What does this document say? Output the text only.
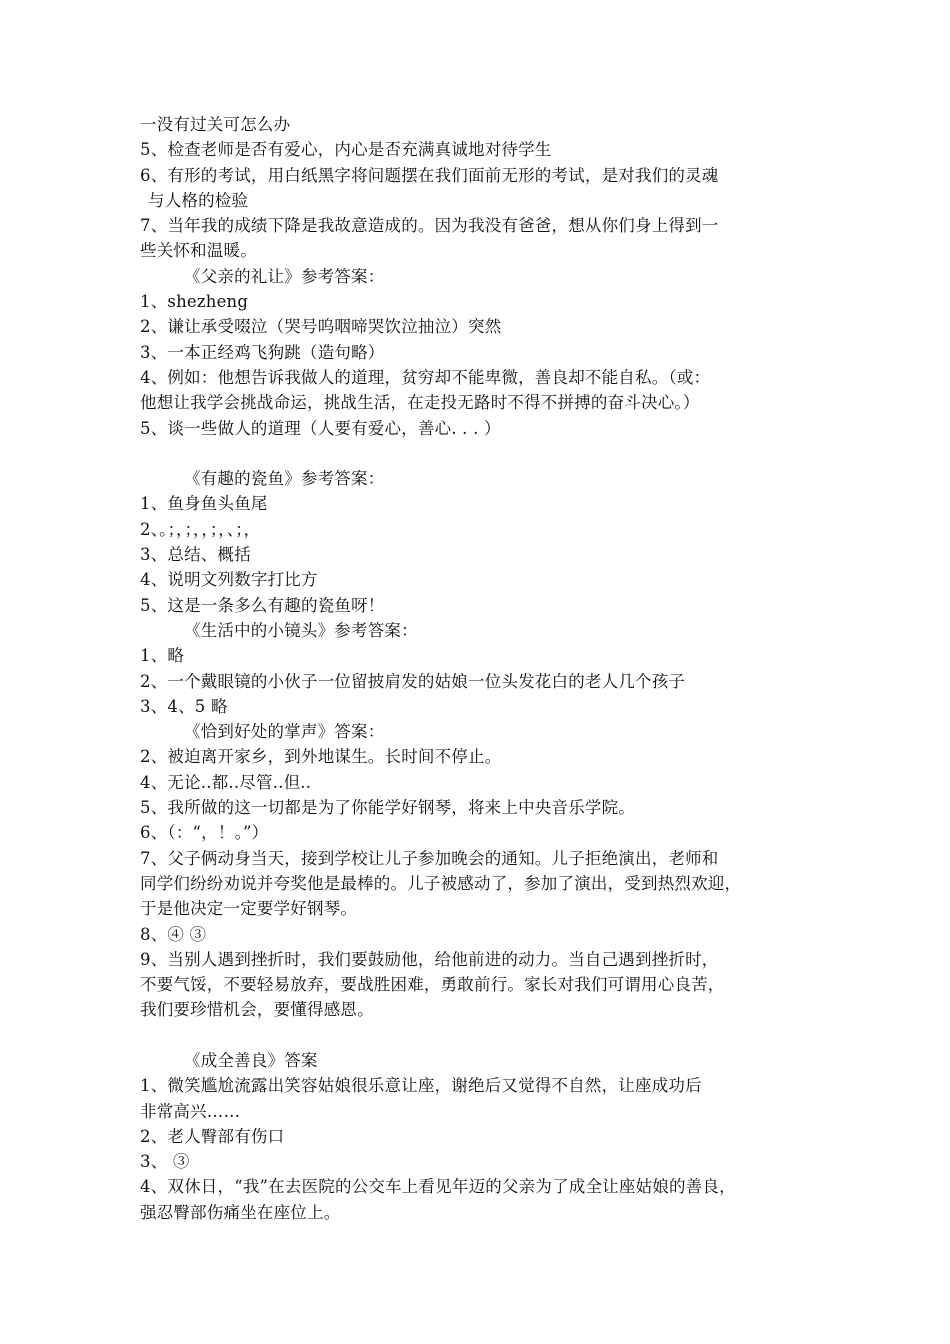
一没有过关可怎么办
5、检查老师是否有爱心，内心是否充满真诚地对待学生
6、有形的考试，用白纸黑字将问题摆在我们面前无形的考试，是对我们的灵魂
与人格的检验
7、当年我的成绩下降是我故意造成的。因为我没有爸爸，想从你们身上得到一
些关怀和温暖。
《父亲的礼让》参考答案：
1、shezheng
2、谦让承受啜泣（哭号呜咽啼哭饮泣抽泣）突然
3、一本正经鸡飞狗跳（造句略）
4、例如：他想告诉我做人的道理，贫穷却不能卑微，善良却不能自私。（或：
他想让我学会挑战命运，挑战生活，在走投无路时不得不拼搏的奋斗决心。）
5、谈一些做人的道理（人要有爱心，善心. . . ）
《有趣的瓷鱼》参考答案：
1、鱼身鱼头鱼尾
2、。；，；，，；，、；，
3、总结、概括
4、说明文列数字打比方
5、这是一条多么有趣的瓷鱼呀！
《生活中的小镜头》参考答案：
1、略
2、一个戴眼镜的小伙子一位留披肩发的姑娘一位头发花白的老人几个孩子
3、4、5 略
《恰到好处的掌声》答案：
2、被迫离开家乡，到外地谋生。长时间不停止。
4、无论..都..尽管..但..
5、我所做的这一切都是为了你能学好钢琴，将来上中央音乐学院。
6、（：“，！。”）
7、父子俩动身当天，接到学校让儿子参加晚会的通知。儿子拒绝演出，老师和
同学们纷纷劝说并夸奖他是最棒的。儿子被感动了，参加了演出，受到热烈欢迎，
于是他决定一定要学好钢琴。
8、④ ③
9、当别人遇到挫折时，我们要鼓励他，给他前进的动力。当自己遇到挫折时，
不要气馁，不要轻易放弃，要战胜困难，勇敢前行。家长对我们可谓用心良苦，
我们要珍惜机会，要懂得感恩。
《成全善良》答案
1、微笑尴尬流露出笑容姑娘很乐意让座，谢绝后又觉得不自然，让座成功后
非常高兴……
2、老人臀部有伤口
3、 ③
4、双休日，“我”在去医院的公交车上看见年迈的父亲为了成全让座姑娘的善良，
强忍臀部伤痛坐在座位上。
